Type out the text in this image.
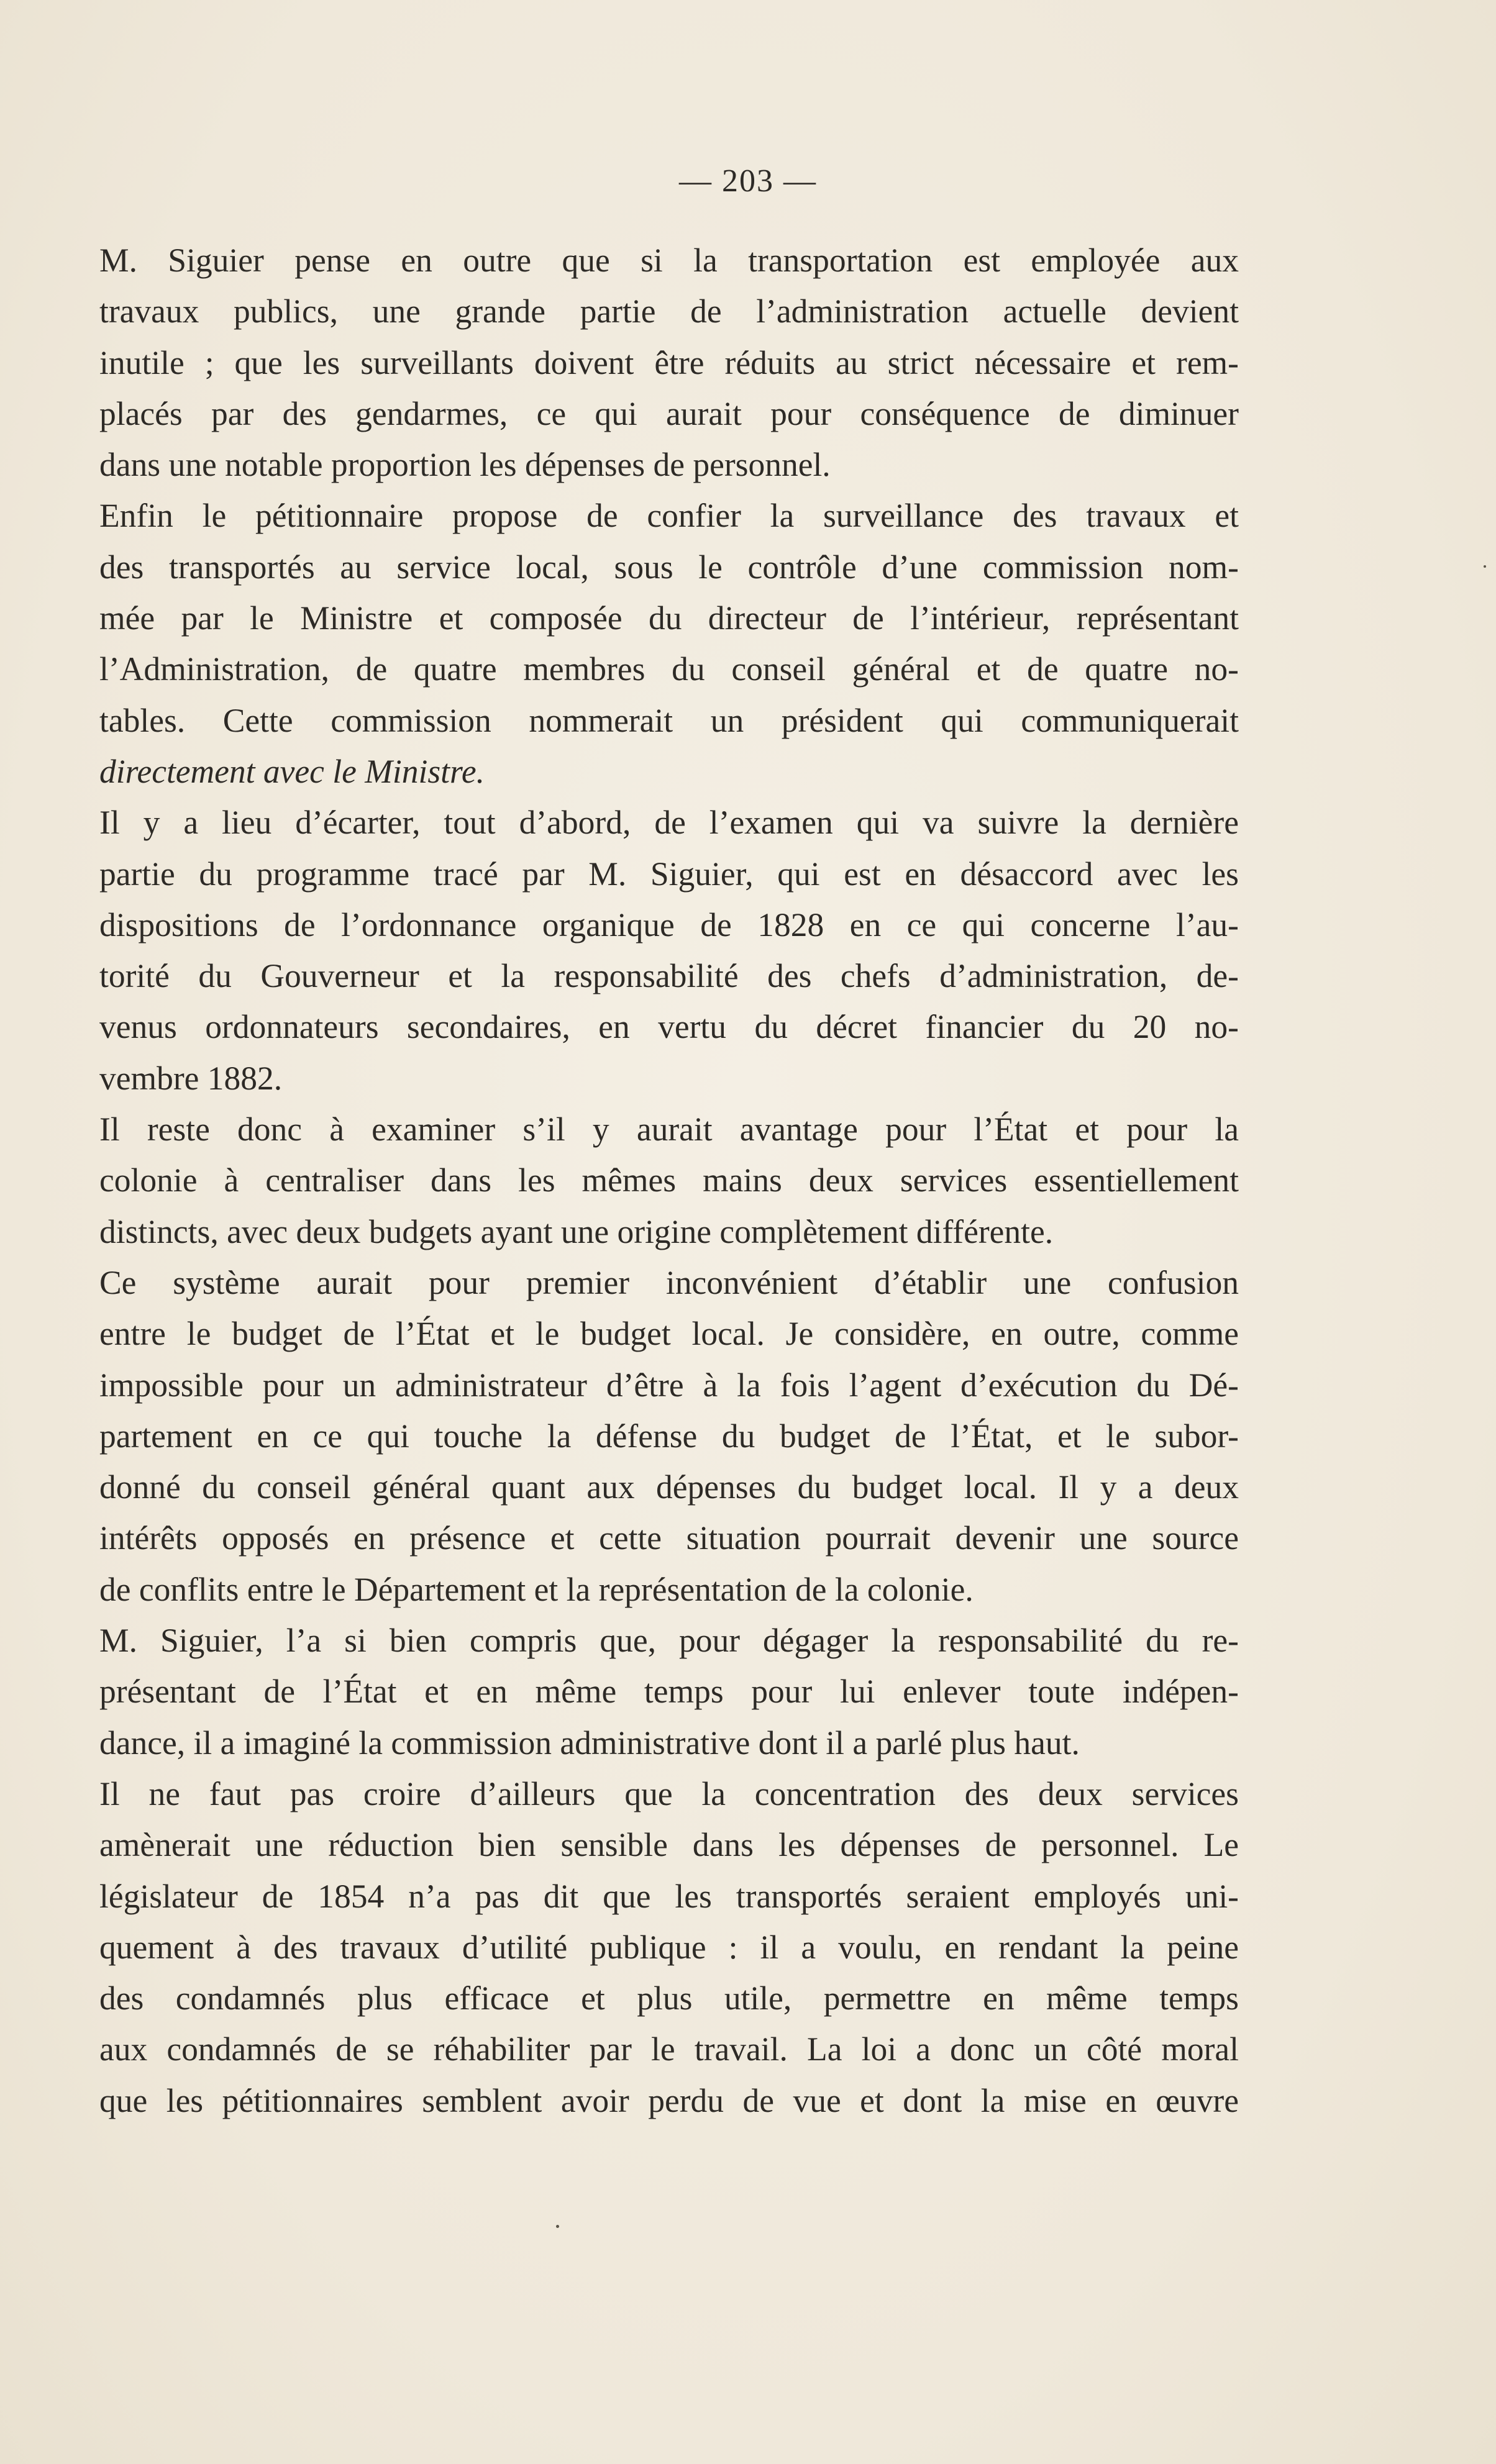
— 203 —
M. Siguier pense en outre que si la transportation est employée aux
travaux publics, une grande partie de l’administration actuelle devient
inutile ; que les surveillants doivent être réduits au strict nécessaire et rem-
placés par des gendarmes, ce qui aurait pour conséquence de diminuer
dans une notable proportion les dépenses de personnel.
Enfin le pétitionnaire propose de confier la surveillance des travaux et
des transportés au service local, sous le contrôle d’une commission nom-
mée par le Ministre et composée du directeur de l’intérieur, représentant
l’Administration, de quatre membres du conseil général et de quatre no-
tables. Cette commission nommerait un président qui communiquerait
directement avec le Ministre.
Il y a lieu d’écarter, tout d’abord, de l’examen qui va suivre la dernière
partie du programme tracé par M. Siguier, qui est en désaccord avec les
dispositions de l’ordonnance organique de 1828 en ce qui concerne l’au-
torité du Gouverneur et la responsabilité des chefs d’administration, de-
venus ordonnateurs secondaires, en vertu du décret financier du 20 no-
vembre 1882.
Il reste donc à examiner s’il y aurait avantage pour l’État et pour la
colonie à centraliser dans les mêmes mains deux services essentiellement
distincts, avec deux budgets ayant une origine complètement différente.
Ce système aurait pour premier inconvénient d’établir une confusion
entre le budget de l’État et le budget local. Je considère, en outre, comme
impossible pour un administrateur d’être à la fois l’agent d’exécution du Dé-
partement en ce qui touche la défense du budget de l’État, et le subor-
donné du conseil général quant aux dépenses du budget local. Il y a deux
intérêts opposés en présence et cette situation pourrait devenir une source
de conflits entre le Département et la représentation de la colonie.
M. Siguier, l’a si bien compris que, pour dégager la responsabilité du re-
présentant de l’État et en même temps pour lui enlever toute indépen-
dance, il a imaginé la commission administrative dont il a parlé plus haut.
Il ne faut pas croire d’ailleurs que la concentration des deux services
amènerait une réduction bien sensible dans les dépenses de personnel. Le
législateur de 1854 n’a pas dit que les transportés seraient employés uni-
quement à des travaux d’utilité publique : il a voulu, en rendant la peine
des condamnés plus efficace et plus utile, permettre en même temps
aux condamnés de se réhabiliter par le travail. La loi a donc un côté moral
que les pétitionnaires semblent avoir perdu de vue et dont la mise en œuvre
